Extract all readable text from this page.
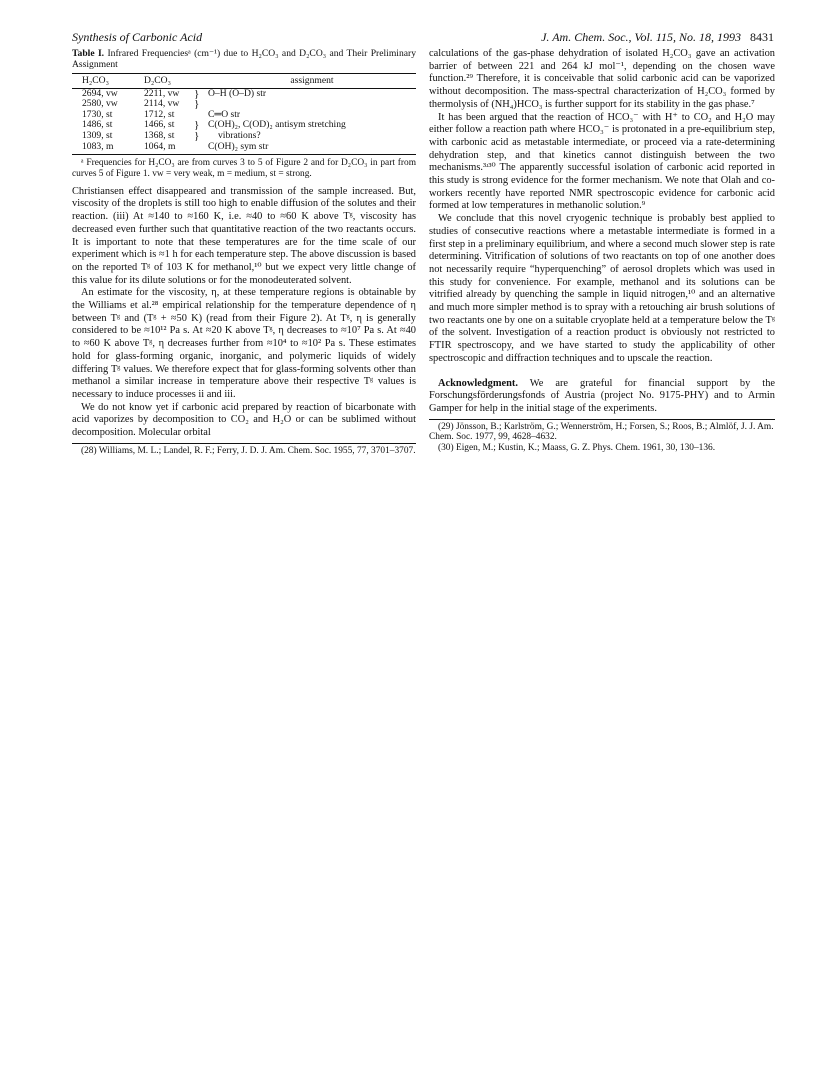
Synthesis of Carbonic Acid	J. Am. Chem. Soc., Vol. 115, No. 18, 1993 8431
Table I. Infrared Frequenciesᵃ (cm⁻¹) due to H₂CO₃ and D₂CO₃ and Their Preliminary Assignment
H₂CO₃	D₂CO₃		assignment
2694, vw	2211, vw	}	O–H (O–D) str
2580, vw	2114, vw	}	
1730, st	1712, st		C═O str
1486, st	1466, st	}	C(OH)₂, C(OD)₂ antisym stretching
1309, st	1368, st	}	vibrations?
1083, m	1064, m		C(OH)₂ sym str
ᵃ Frequencies for H₂CO₃ are from curves 3 to 5 of Figure 2 and for D₂CO₃ in part from curves 5 of Figure 1. vw = very weak, m = medium, st = strong.

Christiansen effect disappeared and transmission of the sample increased. But, viscosity of the droplets is still too high to enable diffusion of the solutes and their reaction. (iii) At ≈140 to ≈160 K, i.e. ≈40 to ≈60 K above Tᵍ, viscosity has decreased even further such that quantitative reaction of the two reactants occurs. It is important to note that these temperatures are for the time scale of our experiment which is ≈1 h for each temperature step. The above discussion is based on the reported Tᵍ of 103 K for methanol,¹⁰ but we expect very little change of this value for its dilute solutions or for the monodeuterated solvent.

An estimate for the viscosity, η, at these temperature regions is obtainable by the Williams et al.²⁸ empirical relationship for the temperature dependence of η between Tᵍ and (Tᵍ + ≈50 K) (read from their Figure 2). At Tᵍ, η is generally considered to be ≈10¹² Pa s. At ≈20 K above Tᵍ, η decreases to ≈10⁷ Pa s. At ≈40 to ≈60 K above Tᵍ, η decreases further from ≈10⁴ to ≈10² Pa s. These estimates hold for glass-forming organic, inorganic, and polymeric liquids of widely differing Tᵍ values. We therefore expect that for glass-forming solvents other than methanol a similar increase in temperature above their respective Tᵍ values is necessary to induce processes ii and iii.

We do not know yet if carbonic acid prepared by reaction of bicarbonate with acid vaporizes by decomposition to CO₂ and H₂O or can be sublimed without decomposition. Molecular orbital

(28) Williams, M. L.; Landel, R. F.; Ferry, J. D. J. Am. Chem. Soc. 1955, 77, 3701–3707.

calculations of the gas-phase dehydration of isolated H₂CO₃ gave an activation barrier of between 221 and 264 kJ mol⁻¹, depending on the chosen wave function.²⁹ Therefore, it is conceivable that solid carbonic acid can be vaporized without decomposition. The mass-spectral characterization of H₂CO₃ formed by thermolysis of (NH₄)HCO₃ is further support for its stability in the gas phase.⁷

It has been argued that the reaction of HCO₃⁻ with H⁺ to CO₂ and H₂O may either follow a reaction path where HCO₃⁻ is protonated in a pre-equilibrium step, with carbonic acid as metastable intermediate, or proceed via a rate-determining dehydration step, and that kinetics cannot distinguish between the two mechanisms.³ʴ³⁰ The apparently successful isolation of carbonic acid reported in this study is strong evidence for the former mechanism. We note that Olah and co-workers recently have reported NMR spectroscopic evidence for carbonic acid formed at low temperatures in methanolic solution.⁹

We conclude that this novel cryogenic technique is probably best applied to studies of consecutive reactions where a metastable intermediate is formed in a first step in a preliminary equilibrium, and where a second much slower step is rate determining. Vitrification of solutions of two reactants on top of one another does not necessarily require “hyperquenching” of aerosol droplets which was used in this study for convenience. For example, methanol and its solutions can be vitrified already by quenching the sample in liquid nitrogen,¹⁰ and an alternative and much more simpler method is to spray with a retouching air brush solutions of two reactants one by one on a suitable cryoplate held at a temperature below the Tᵍ of the solvent. Investigation of a reaction product is obviously not restricted to FTIR spectroscopy, and we have started to study the applicability of other spectroscopic and diffraction techniques and to upscale the reaction.

Acknowledgment. We are grateful for financial support by the Forschungsförderungsfonds of Austria (project No. 9175-PHY) and to Armin Gamper for help in the initial stage of the experiments.

(29) Jönsson, B.; Karlström, G.; Wennerström, H.; Forsen, S.; Roos, B.; Almlöf, J. J. Am. Chem. Soc. 1977, 99, 4628–4632.
(30) Eigen, M.; Kustin, K.; Maass, G. Z. Phys. Chem. 1961, 30, 130–136.
